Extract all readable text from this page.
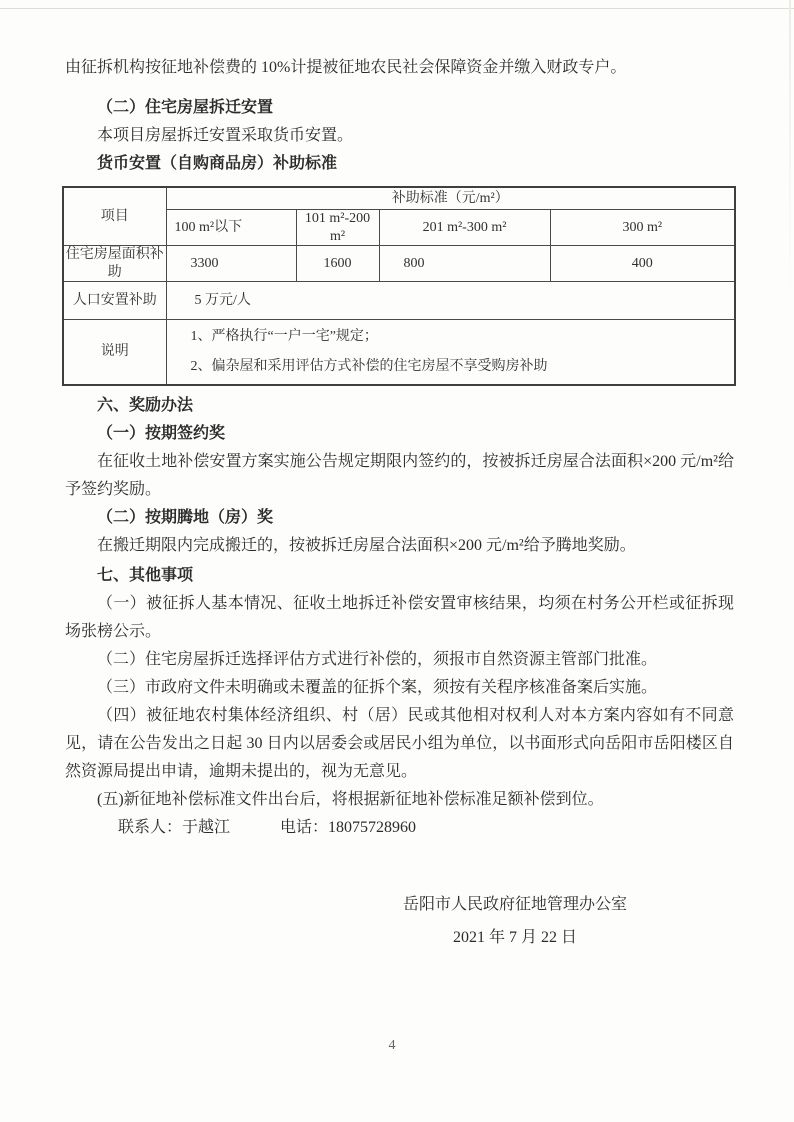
由征拆机构按征地补偿费的 10%计提被征地农民社会保障资金并缴入财政专户。

（二）住宅房屋拆迁安置

本项目房屋拆迁安置采取货币安置。

货币安置（自购商品房）补助标准

项目	补助标准（元/m²）			
	100 m²以下	101 m²-200 m²	201 m²-300 m²	300 m²
住宅房屋面积补助	3300	1600	800	400
人口安置补助	5 万元/人			
说明	1、严格执行“一户一宅”规定；
2、偏杂屋和采用评估方式补偿的住宅房屋不享受购房补助			

六、奖励办法

（一）按期签约奖

在征收土地补偿安置方案实施公告规定期限内签约的，按被拆迁房屋合法面积×200 元/m²给予签约奖励。

（二）按期腾地（房）奖

在搬迁期限内完成搬迁的，按被拆迁房屋合法面积×200 元/m²给予腾地奖励。

七、其他事项

（一）被征拆人基本情况、征收土地拆迁补偿安置审核结果，均须在村务公开栏或征拆现场张榜公示。

（二）住宅房屋拆迁选择评估方式进行补偿的，须报市自然资源主管部门批准。

（三）市政府文件未明确或未覆盖的征拆个案，须按有关程序核准备案后实施。

（四）被征地农村集体经济组织、村（居）民或其他相对权利人对本方案内容如有不同意见，请在公告发出之日起 30 日内以居委会或居民小组为单位，以书面形式向岳阳市岳阳楼区自然资源局提出申请，逾期未提出的，视为无意见。

(五)新征地补偿标准文件出台后，将根据新征地补偿标准足额补偿到位。

联系人：于越江	电话：18075728960

岳阳市人民政府征地管理办公室

2021 年 7 月 22 日

4
